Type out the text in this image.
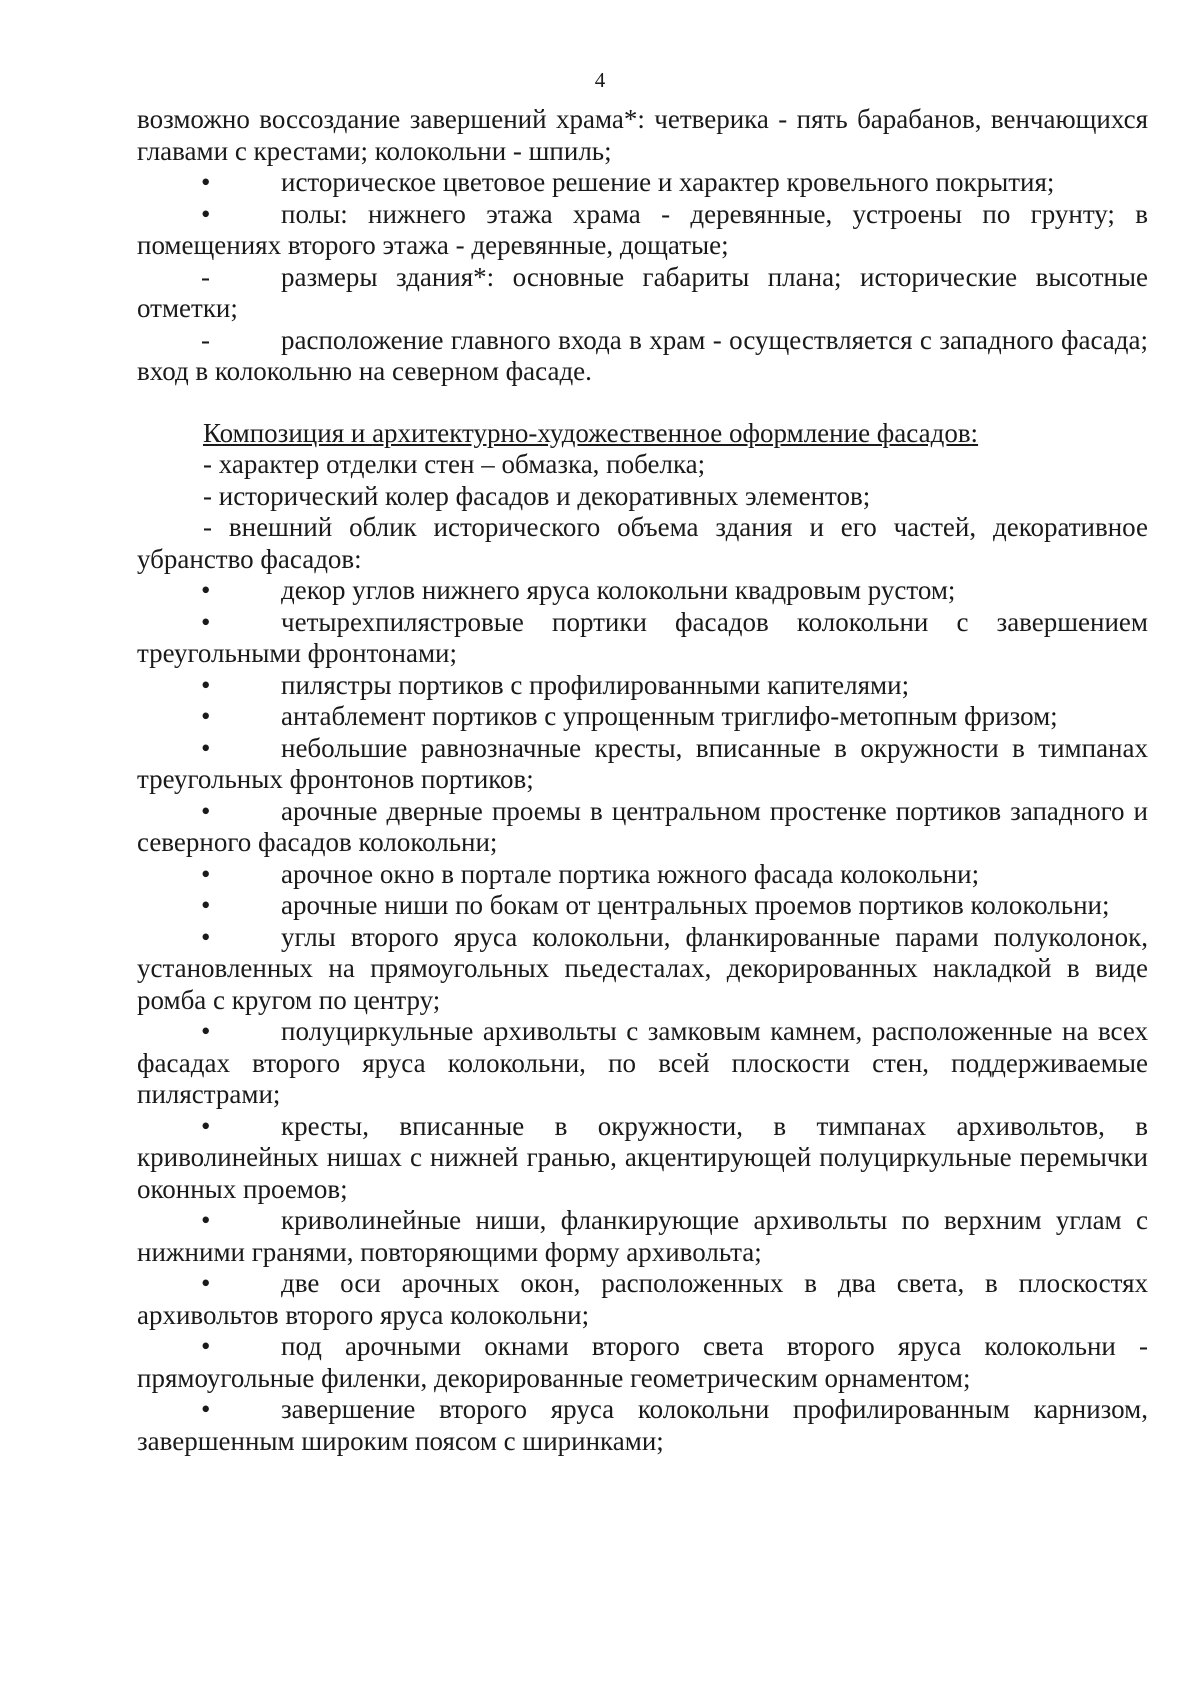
4

возможно воссоздание завершений храма*: четверика - пять барабанов, венчающихся главами с крестами; колокольни - шпиль;

•	историческое цветовое решение и характер кровельного покрытия;

•	полы: нижнего этажа храма - деревянные, устроены по грунту; в помещениях второго этажа - деревянные, дощатые;

-	размеры здания*: основные габариты плана; исторические высотные отметки;

-	расположение главного входа в храм - осуществляется с западного фасада; вход в колокольню на северном фасаде.

Композиция и архитектурно-художественное оформление фасадов:

- характер отделки стен – обмазка, побелка;

- исторический колер фасадов и декоративных элементов;

- внешний облик исторического объема здания и его частей, декоративное убранство фасадов:

•	декор углов нижнего яруса колокольни квадровым рустом;

•	четырехпилястровые портики фасадов колокольни с завершением треугольными фронтонами;

•	пилястры портиков с профилированными капителями;

•	антаблемент портиков с упрощенным триглифо-метопным фризом;

•	небольшие равнозначные кресты, вписанные в окружности в тимпанах треугольных фронтонов портиков;

•	арочные дверные проемы в центральном простенке портиков западного и северного фасадов колокольни;

•	арочное окно в портале портика южного фасада колокольни;

•	арочные ниши по бокам от центральных проемов портиков колокольни;

•	углы второго яруса колокольни, фланкированные парами полуколонок, установленных на прямоугольных пьедесталах, декорированных накладкой в виде ромба с кругом по центру;

•	полуциркульные архивольты с замковым камнем, расположенные на всех фасадах второго яруса колокольни, по всей плоскости стен, поддерживаемые пилястрами;

•	кресты, вписанные в окружности, в тимпанах архивольтов, в криволинейных нишах с нижней гранью, акцентирующей полуциркульные перемычки оконных проемов;

•	криволинейные ниши, фланкирующие архивольты по верхним углам с нижними гранями, повторяющими форму архивольта;

•	две оси арочных окон, расположенных в два света, в плоскостях архивольтов второго яруса колокольни;

•	под арочными окнами второго света второго яруса колокольни - прямоугольные филенки, декорированные геометрическим орнаментом;

•	завершение второго яруса колокольни профилированным карнизом, завершенным широким поясом с ширинками;
